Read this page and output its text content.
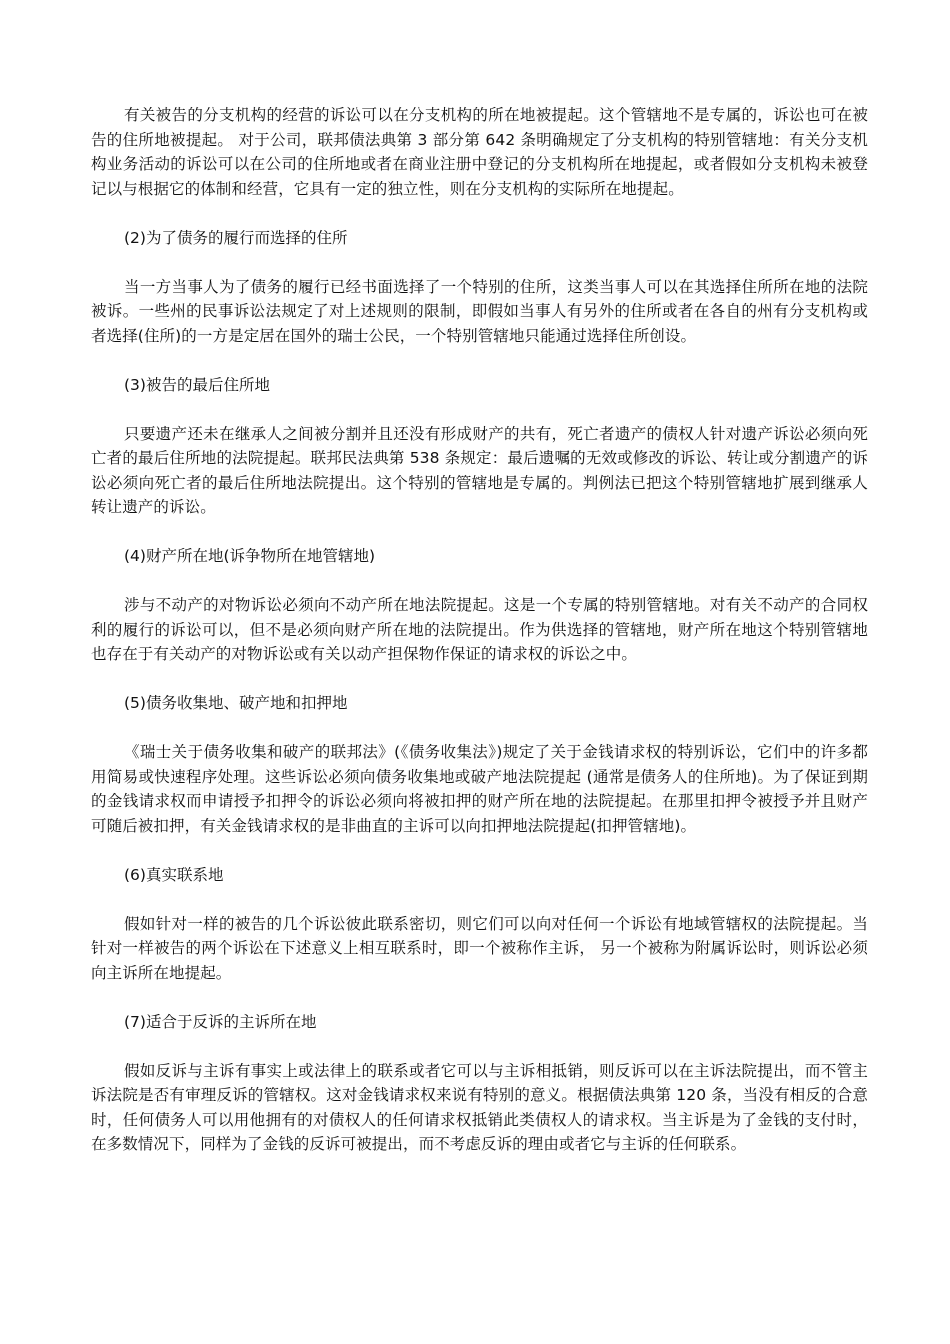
有关被告的分支机构的经营的诉讼可以在分支机构的所在地被提起。这个管辖地不是专属的，诉讼也可在被告的住所地被提起。 对于公司，联邦债法典第 3 部分第 642 条明确规定了分支机构的特别管辖地：有关分支机构业务活动的诉讼可以在公司的住所地或者在商业注册中登记的分支机构所在地提起，或者假如分支机构未被登记以与根据它的体制和经营，它具有一定的独立性，则在分支机构的实际所在地提起。

(2)为了债务的履行而选择的住所

当一方当事人为了债务的履行已经书面选择了一个特别的住所，这类当事人可以在其选择住所所在地的法院被诉。一些州的民事诉讼法规定了对上述规则的限制，即假如当事人有另外的住所或者在各自的州有分支机构或者选择(住所)的一方是定居在国外的瑞士公民，一个特别管辖地只能通过选择住所创设。

(3)被告的最后住所地

只要遗产还未在继承人之间被分割并且还没有形成财产的共有，死亡者遗产的债权人针对遗产诉讼必须向死亡者的最后住所地的法院提起。联邦民法典第 538 条规定：最后遗嘱的无效或修改的诉讼、转让或分割遗产的诉讼必须向死亡者的最后住所地法院提出。这个特别的管辖地是专属的。判例法已把这个特别管辖地扩展到继承人转让遗产的诉讼。

(4)财产所在地(诉争物所在地管辖地)

涉与不动产的对物诉讼必须向不动产所在地法院提起。这是一个专属的特别管辖地。对有关不动产的合同权利的履行的诉讼可以，但不是必须向财产所在地的法院提出。作为供选择的管辖地，财产所在地这个特别管辖地也存在于有关动产的对物诉讼或有关以动产担保物作保证的请求权的诉讼之中。

(5)债务收集地、破产地和扣押地

《瑞士关于债务收集和破产的联邦法》(《债务收集法》)规定了关于金钱请求权的特别诉讼，它们中的许多都用简易或快速程序处理。这些诉讼必须向债务收集地或破产地法院提起 (通常是债务人的住所地)。为了保证到期的金钱请求权而申请授予扣押令的诉讼必须向将被扣押的财产所在地的法院提起。在那里扣押令被授予并且财产可随后被扣押，有关金钱请求权的是非曲直的主诉可以向扣押地法院提起(扣押管辖地)。

(6)真实联系地

假如针对一样的被告的几个诉讼彼此联系密切，则它们可以向对任何一个诉讼有地域管辖权的法院提起。当针对一样被告的两个诉讼在下述意义上相互联系时，即一个被称作主诉， 另一个被称为附属诉讼时，则诉讼必须向主诉所在地提起。

(7)适合于反诉的主诉所在地

假如反诉与主诉有事实上或法律上的联系或者它可以与主诉相抵销，则反诉可以在主诉法院提出，而不管主诉法院是否有审理反诉的管辖权。这对金钱请求权来说有特别的意义。根据债法典第 120 条，当没有相反的合意时，任何债务人可以用他拥有的对债权人的任何请求权抵销此类债权人的请求权。当主诉是为了金钱的支付时，在多数情况下，同样为了金钱的反诉可被提出，而不考虑反诉的理由或者它与主诉的任何联系。
